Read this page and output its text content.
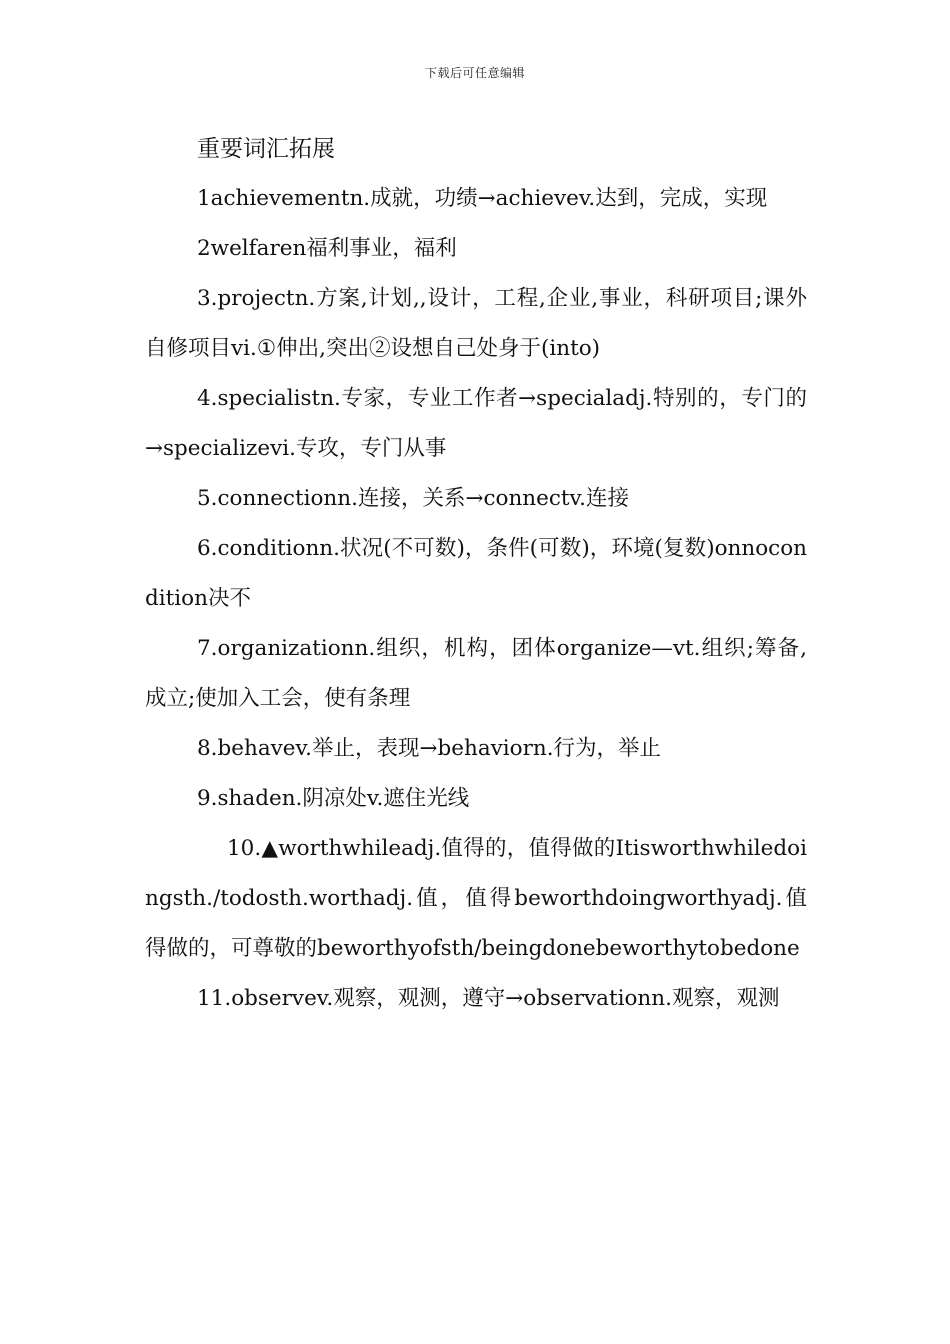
下载后可任意编辑

重要词汇拓展

1achievementn.成就，功绩→achievev.达到，完成，实现

2welfaren福利事业，福利

3.projectn.方案,计划,,设计，工程,企业,事业，科研项目;课外自修项目vi.①伸出,突出②设想自己处身于(into)

4.specialistn.专家，专业工作者→specialadj.特别的，专门的→specializevi.专攻，专门从事

5.connectionn.连接，关系→connectv.连接

6.conditionn.状况(不可数)，条件(可数)，环境(复数)onnocondition决不

7.organizationn.组织，机构，团体organize—vt.组织;筹备,成立;使加入工会，使有条理

8.behavev.举止，表现→behaviorn.行为，举止

9.shaden.阴凉处v.遮住光线

10.▲worthwhileadj.值得的，值得做的Itisworthwhiledoingsth./todosth.worthadj.值，值得beworthdoingworthyadj.值得做的，可尊敬的beworthyofsth/beingdonebeworthytobedone

11.observev.观察，观测，遵守→observationn.观察，观测
